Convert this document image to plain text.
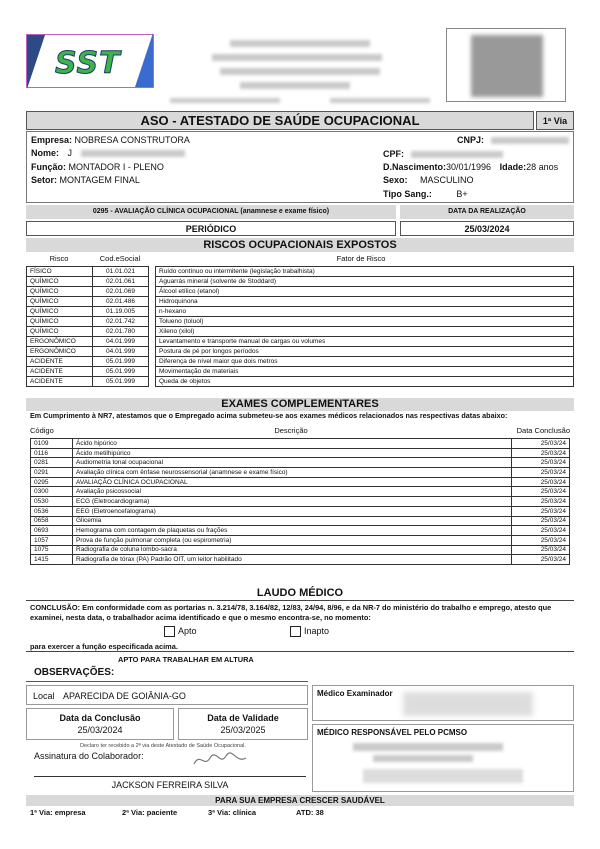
SST
ASO - ATESTADO DE SAÚDE OCUPACIONAL	1ª Via
Empresa: NOBRESA CONSTRUTORA	CNPJ:
Nome: J	CPF:
Função: MONTADOR I - PLENO	D.Nascimento:30/01/1996 Idade:28 anos
Setor: MONTAGEM FINAL	Sexo: MASCULINO
Tipo Sang.:	B+
0295 - AVALIAÇÃO CLÍNICA OCUPACIONAL (anamnese e exame físico)	DATA DA REALIZAÇÃO
PERIÓDICO	25/03/2024
RISCOS OCUPACIONAIS EXPOSTOS
Risco	Cod.eSocial	Fator de Risco
FÍSICO	01.01.021		Ruído contínuo ou intermitente (legislação trabalhista)
QUÍMICO	02.01.061		Aguarrás mineral (solvente de Stoddard)
QUÍMICO	02.01.069		Álcool etílico (etanol)
QUÍMICO	02.01.486		Hidroquinona
QUÍMICO	01.19.005		n-hexano
QUÍMICO	02.01.742		Tolueno (toluol)
QUÍMICO	02.01.780		Xileno (xilol)
ERGONÔMICO	04.01.999		Levantamento e transporte manual de cargas ou volumes
ERGONÔMICO	04.01.999		Postura de pé por longos períodos
ACIDENTE	05.01.999		Diferença de nível maior que dois metros
ACIDENTE	05.01.999		Movimentação de materiais
ACIDENTE	05.01.999		Queda de objetos
EXAMES COMPLEMENTARES
Em Cumprimento à NR7, atestamos que o Empregado acima submeteu-se aos exames médicos relacionados nas respectivas datas abaixo:
Código	Descrição	Data Conclusão
0109	Ácido hipúrico	25/03/24
0116	Ácido metilhipúrico	25/03/24
0281	Audiometria tonal ocupacional	25/03/24
0291	Avaliação clínica com ênfase neurossensorial (anamnese e exame físico)	25/03/24
0295	AVALIAÇÃO CLÍNICA OCUPACIONAL	25/03/24
0300	Avaliação psicossocial	25/03/24
0530	ECG (Eletrocardiograma)	25/03/24
0536	EEG (Eletroencefalograma)	25/03/24
0658	Glicemia	25/03/24
0693	Hemograma com contagem de plaquetas ou frações	25/03/24
1057	Prova de função pulmonar completa (ou espirometria)	25/03/24
1075	Radiografia de coluna lombo-sacra	25/03/24
1415	Radiografia de tórax (PA) Padrão OIT, um leitor habilitado	25/03/24
LAUDO MÉDICO
CONCLUSÃO: Em conformidade com as portarias n. 3.214/78, 3.164/82, 12/83, 24/94, 8/96, e da NR-7 do ministério do trabalho e emprego, atesto que examinei, nesta data, o trabalhador acima identificado e que o mesmo encontra-se, no momento:
Apto	Inapto
para exercer a função especificada acima.
APTO PARA TRABALHAR EM ALTURA
OBSERVAÇÕES:
Local APARECIDA DE GOIÂNIA-GO
Data da Conclusão
25/03/2024
Data de Validade
25/03/2025
Declaro ter recebido a 2ª via deste Atestado de Saúde Ocupacional.
Assinatura do Colaborador:
JACKSON FERREIRA SILVA
Médico Examinador
MÉDICO RESPONSÁVEL PELO PCMSO
PARA SUA EMPRESA CRESCER SAUDÁVEL
1ª Via: empresa	2ª Via: paciente	3ª Via: clínica	ATD: 38
